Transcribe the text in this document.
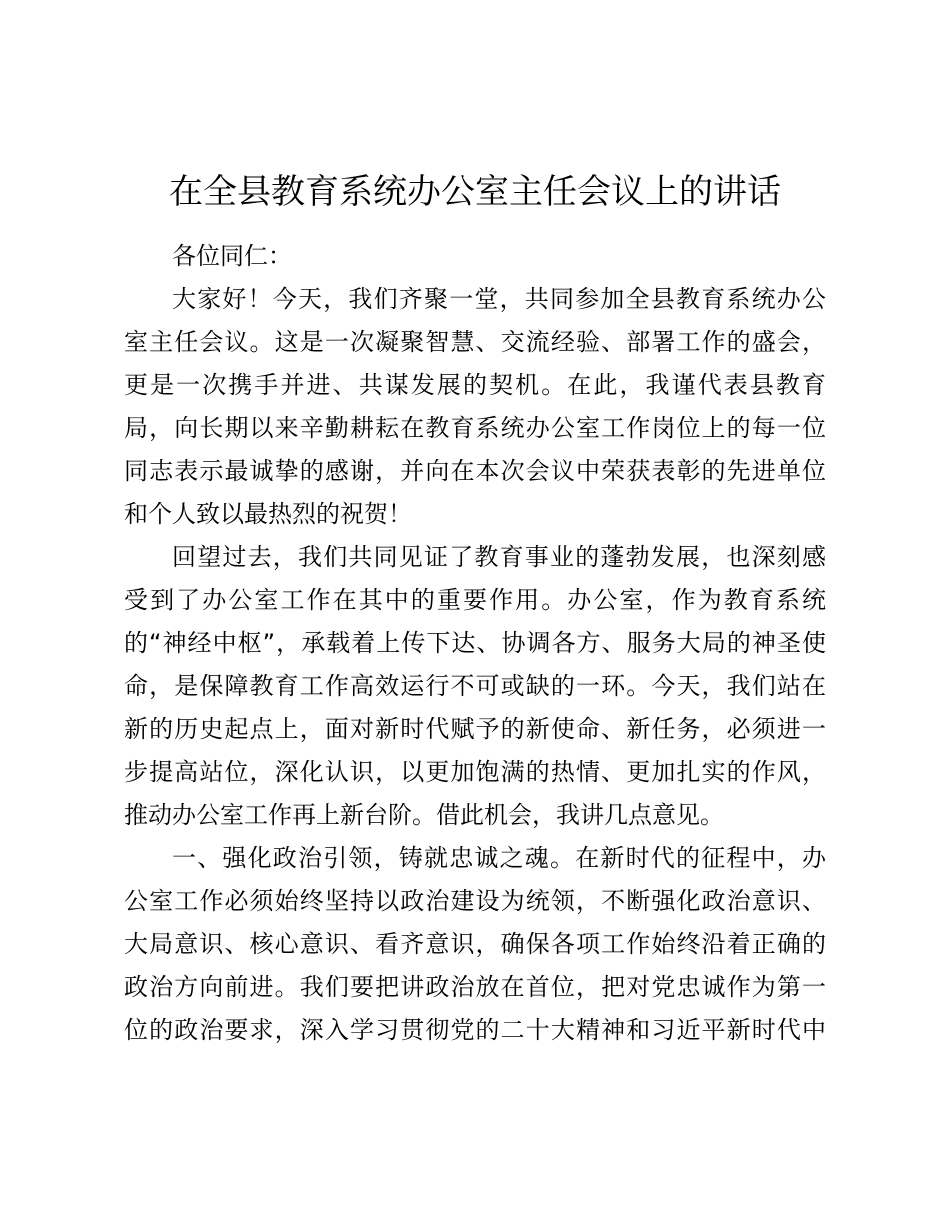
在全县教育系统办公室主任会议上的讲话

各位同仁：

大家好！今天，我们齐聚一堂，共同参加全县教育系统办公

室主任会议。这是一次凝聚智慧、交流经验、部署工作的盛会，

更是一次携手并进、共谋发展的契机。在此，我谨代表县教育

局，向长期以来辛勤耕耘在教育系统办公室工作岗位上的每一位

同志表示最诚挚的感谢，并向在本次会议中荣获表彰的先进单位

和个人致以最热烈的祝贺！

回望过去，我们共同见证了教育事业的蓬勃发展，也深刻感

受到了办公室工作在其中的重要作用。办公室，作为教育系统

的“神经中枢”，承载着上传下达、协调各方、服务大局的神圣使

命，是保障教育工作高效运行不可或缺的一环。今天，我们站在

新的历史起点上，面对新时代赋予的新使命、新任务，必须进一

步提高站位，深化认识，以更加饱满的热情、更加扎实的作风，

推动办公室工作再上新台阶。借此机会，我讲几点意见。

一、强化政治引领，铸就忠诚之魂。在新时代的征程中，办

公室工作必须始终坚持以政治建设为统领，不断强化政治意识、

大局意识、核心意识、看齐意识，确保各项工作始终沿着正确的

政治方向前进。我们要把讲政治放在首位，把对党忠诚作为第一

位的政治要求，深入学习贯彻党的二十大精神和习近平新时代中
